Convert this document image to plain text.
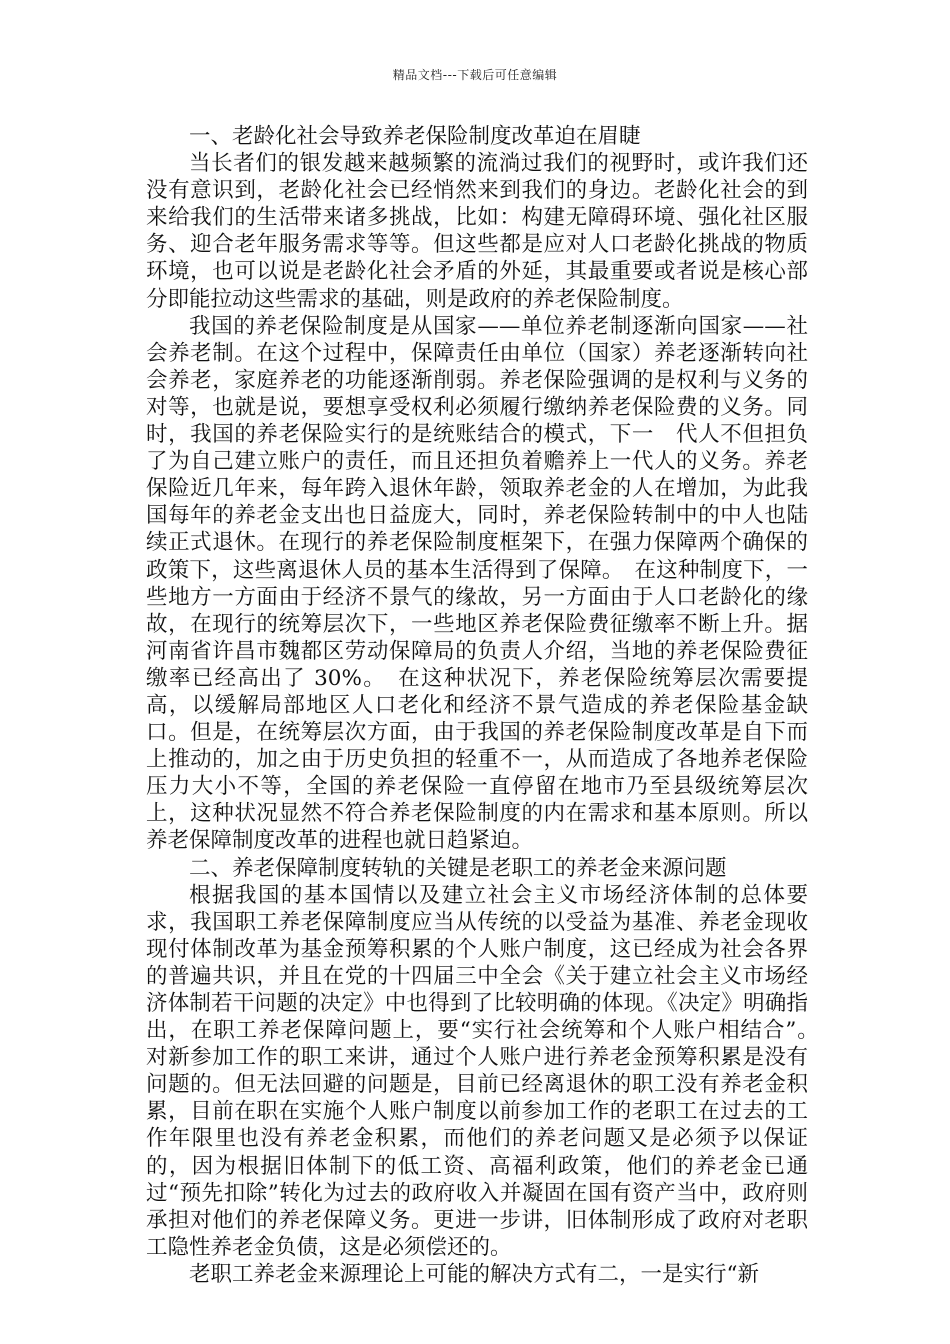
精品文档---下载后可任意编辑

一、老龄化社会导致养老保险制度改革迫在眉睫

当长者们的银发越来越频繁的流淌过我们的视野时，或许我们还没有意识到，老龄化社会已经悄然来到我们的身边。老龄化社会的到来给我们的生活带来诸多挑战，比如：构建无障碍环境、强化社区服务、迎合老年服务需求等等。但这些都是应对人口老龄化挑战的物质环境，也可以说是老龄化社会矛盾的外延，其最重要或者说是核心部分即能拉动这些需求的基础，则是政府的养老保险制度。

我国的养老保险制度是从国家——单位养老制逐渐向国家——社会养老制。在这个过程中，保障责任由单位（国家）养老逐渐转向社会养老，家庭养老的功能逐渐削弱。养老保险强调的是权利与义务的对等，也就是说，要想享受权利必须履行缴纳养老保险费的义务。同时，我国的养老保险实行的是统账结合的模式，下一　代人不但担负了为自己建立账户的责任，而且还担负着赡养上一代人的义务。养老保险近几年来，每年跨入退休年龄，领取养老金的人在增加，为此我国每年的养老金支出也日益庞大，同时，养老保险转制中的中人也陆续正式退休。在现行的养老保险制度框架下，在强力保障两个确保的政策下，这些离退休人员的基本生活得到了保障。　在这种制度下，一些地方一方面由于经济不景气的缘故，另一方面由于人口老龄化的缘故，在现行的统筹层次下，一些地区养老保险费征缴率不断上升。据河南省许昌市魏都区劳动保障局的负责人介绍，当地的养老保险费征缴率已经高出了 30%。　在这种状况下，养老保险统筹层次需要提高，以缓解局部地区人口老化和经济不景气造成的养老保险基金缺口。但是，在统筹层次方面，由于我国的养老保险制度改革是自下而上推动的，加之由于历史负担的轻重不一，从而造成了各地养老保险压力大小不等，全国的养老保险一直停留在地市乃至县级统筹层次上，这种状况显然不符合养老保险制度的内在需求和基本原则。所以养老保障制度改革的进程也就日趋紧迫。

二、养老保障制度转轨的关键是老职工的养老金来源问题

根据我国的基本国情以及建立社会主义市场经济体制的总体要求，我国职工养老保障制度应当从传统的以受益为基准、养老金现收现付体制改革为基金预筹积累的个人账户制度，这已经成为社会各界的普遍共识，并且在党的十四届三中全会《关于建立社会主义市场经济体制若干问题的决定》中也得到了比较明确的体现。《决定》明确指出，在职工养老保障问题上，要“实行社会统筹和个人账户相结合”。　对新参加工作的职工来讲，通过个人账户进行养老金预筹积累是没有问题的。但无法回避的问题是，目前已经离退休的职工没有养老金积累，目前在职在实施个人账户制度以前参加工作的老职工在过去的工作年限里也没有养老金积累，而他们的养老问题又是必须予以保证的，因为根据旧体制下的低工资、高福利政策，他们的养老金已通过“预先扣除”转化为过去的政府收入并凝固在国有资产当中，政府则承担对他们的养老保障义务。更进一步讲，旧体制形成了政府对老职工隐性养老金负债，这是必须偿还的。

老职工养老金来源理论上可能的解决方式有二，一是实行“新
